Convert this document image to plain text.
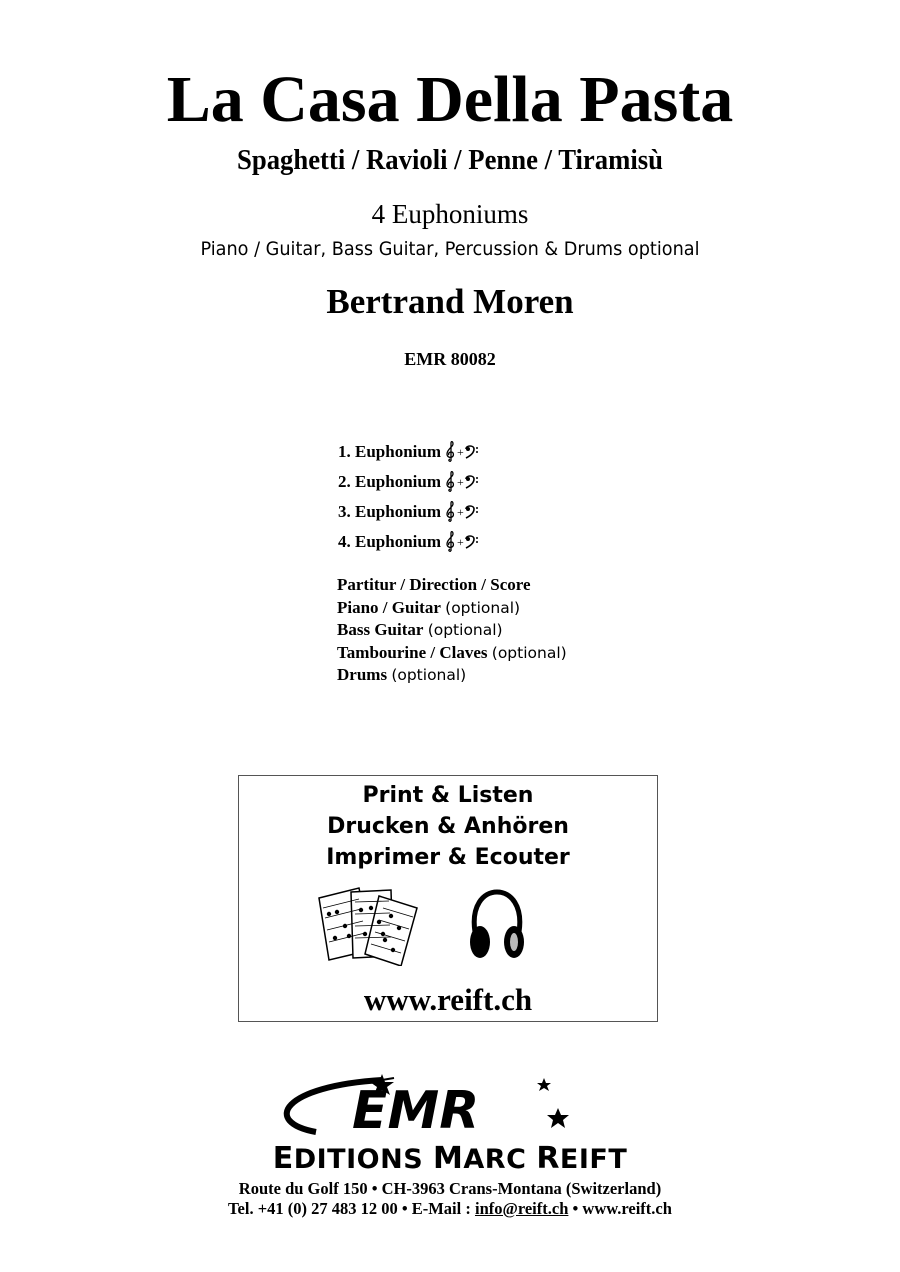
La Casa Della Pasta
Spaghetti / Ravioli / Penne / Tiramisù
4 Euphoniums
Piano / Guitar, Bass Guitar, Percussion & Drums optional
Bertrand Moren
EMR 80082
1. Euphonium +
2. Euphonium +
3. Euphonium +
4. Euphonium +
Partitur / Direction / Score
Piano / Guitar (optional)
Bass Guitar (optional)
Tambourine / Claves (optional)
Drums (optional)
Print & Listen
Drucken & Anhören
Imprimer & Ecouter
www.reift.ch
EMR
EDITIONS MARC REIFT
Route du Golf 150 • CH-3963 Crans-Montana (Switzerland)
Tel. +41 (0) 27 483 12 00 • E-Mail : info@reift.ch • www.reift.ch
